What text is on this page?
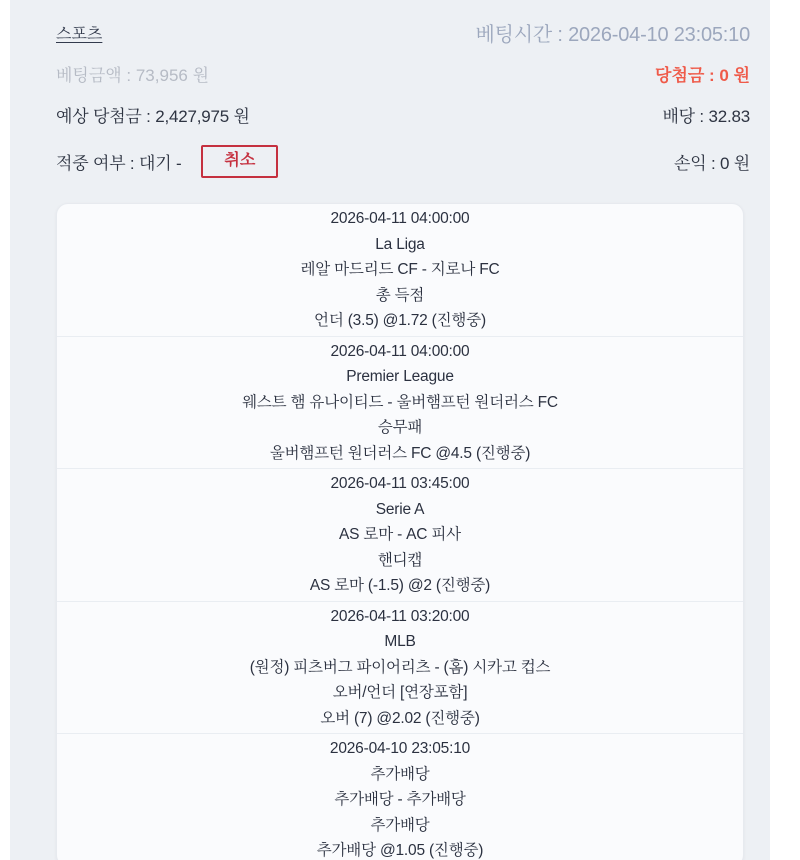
스포츠	베팅시간 : 2026-04-10 23:05:10
베팅금액 : 73,956 원	당첨금 : 0 원
예상 당첨금 : 2,427,975 원	배당 : 32.83
적중 여부 : 대기 -	취소	손익 : 0 원
2026-04-11 04:00:00
La Liga
레알 마드리드 CF - 지로나 FC
총 득점
언더 (3.5) @1.72 (진행중)
2026-04-11 04:00:00
Premier League
웨스트 햄 유나이티드 - 울버햄프턴 원더러스 FC
승무패
울버햄프턴 원더러스 FC @4.5 (진행중)
2026-04-11 03:45:00
Serie A
AS 로마 - AC 피사
핸디캡
AS 로마 (-1.5) @2 (진행중)
2026-04-11 03:20:00
MLB
(원정) 피츠버그 파이어리츠 - (홈) 시카고 컵스
오버/언더 [연장포함]
오버 (7) @2.02 (진행중)
2026-04-10 23:05:10
추가배당
추가배당 - 추가배당
추가배당
추가배당 @1.05 (진행중)
